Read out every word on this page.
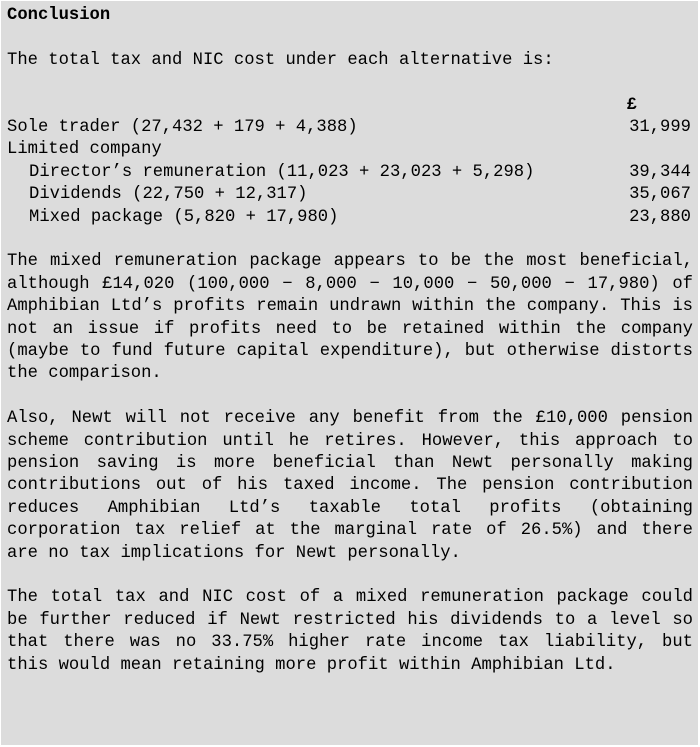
Conclusion
The total tax and NIC cost under each alternative is:
£
Sole trader (27,432 + 179 + 4,388)	31,999
Limited company
Director’s remuneration (11,023 + 23,023 + 5,298)	39,344
Dividends (22,750 + 12,317)	35,067
Mixed package (5,820 + 17,980)	23,880

The mixed remuneration package appears to be the most beneficial, although £14,020 (100,000 − 8,000 − 10,000 − 50,000 − 17,980) of Amphibian Ltd’s profits remain undrawn within the company. This is not an issue if profits need to be retained within the company (maybe to fund future capital expenditure), but otherwise distorts the comparison.

Also, Newt will not receive any benefit from the £10,000 pension scheme contribution until he retires. However, this approach to pension saving is more beneficial than Newt personally making contributions out of his taxed income. The pension contribution reduces Amphibian Ltd’s taxable total profits (obtaining corporation tax relief at the marginal rate of 26.5%) and there are no tax implications for Newt personally.

The total tax and NIC cost of a mixed remuneration package could be further reduced if Newt restricted his dividends to a level so that there was no 33.75% higher rate income tax liability, but this would mean retaining more profit within Amphibian Ltd.
